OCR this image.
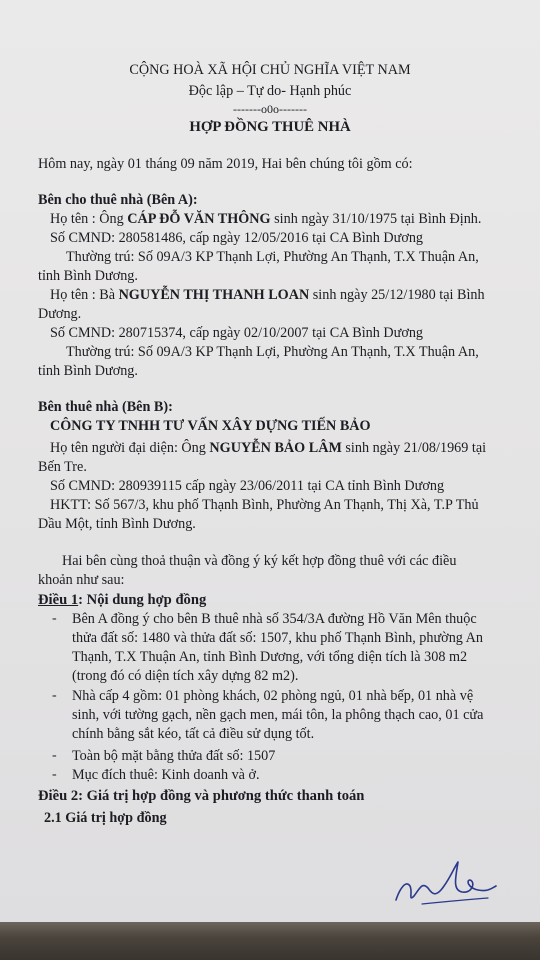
CỘNG HOÀ XÃ HỘI CHỦ NGHĨA VIỆT NAM
Độc lập – Tự do- Hạnh phúc
-------o0o-------
HỢP ĐỒNG THUÊ NHÀ
Hôm nay, ngày 01 tháng 09 năm 2019, Hai bên chúng tôi gồm có:
Bên cho thuê nhà (Bên A):
Họ tên : Ông CÁP ĐỖ VĂN THÔNG sinh ngày 31/10/1975 tại Bình Định.
Số CMND: 280581486, cấp ngày 12/05/2016 tại CA Bình Dương
Thường trú: Số 09A/3 KP Thạnh Lợi, Phường An Thạnh, T.X Thuận An,
tỉnh Bình Dương.
Họ tên : Bà NGUYỄN THỊ THANH LOAN sinh ngày 25/12/1980 tại Bình
Dương.
Số CMND: 280715374, cấp ngày 02/10/2007 tại CA Bình Dương
Thường trú: Số 09A/3 KP Thạnh Lợi, Phường An Thạnh, T.X Thuận An,
tỉnh Bình Dương.
Bên thuê nhà (Bên B):
CÔNG TY TNHH TƯ VẤN XÂY DỰNG TIẾN BẢO
Họ tên người đại diện: Ông NGUYỄN BẢO LÂM sinh ngày 21/08/1969 tại
Bến Tre.
Số CMND: 280939115 cấp ngày 23/06/2011 tại CA tỉnh Bình Dương
HKTT: Số 567/3, khu phố Thạnh Bình, Phường An Thạnh, Thị Xà, T.P Thủ
Dầu Một, tỉnh Bình Dương.
Hai bên cùng thoả thuận và đồng ý ký kết hợp đồng thuê với các điều
khoản như sau:
Điều 1: Nội dung hợp đồng
- Bên A đồng ý cho bên B thuê nhà số 354/3A đường Hồ Văn Mên thuộc
thửa đất số: 1480 và thửa đất số: 1507, khu phố Thạnh Bình, phường An
Thạnh, T.X Thuận An, tỉnh Bình Dương, với tổng diện tích là 308 m2
(trong đó có diện tích xây dựng 82 m2).
- Nhà cấp 4 gồm: 01 phòng khách, 02 phòng ngủ, 01 nhà bếp, 01 nhà vệ
sinh, với tường gạch, nền gạch men, mái tôn, la phông thạch cao, 01 cửa
chính bằng sắt kéo, tất cả điều sử dụng tốt.
- Toàn bộ mặt bằng thửa đất số: 1507
- Mục đích thuê: Kinh doanh và ở.
Điều 2: Giá trị hợp đồng và phương thức thanh toán
2.1 Giá trị hợp đồng
